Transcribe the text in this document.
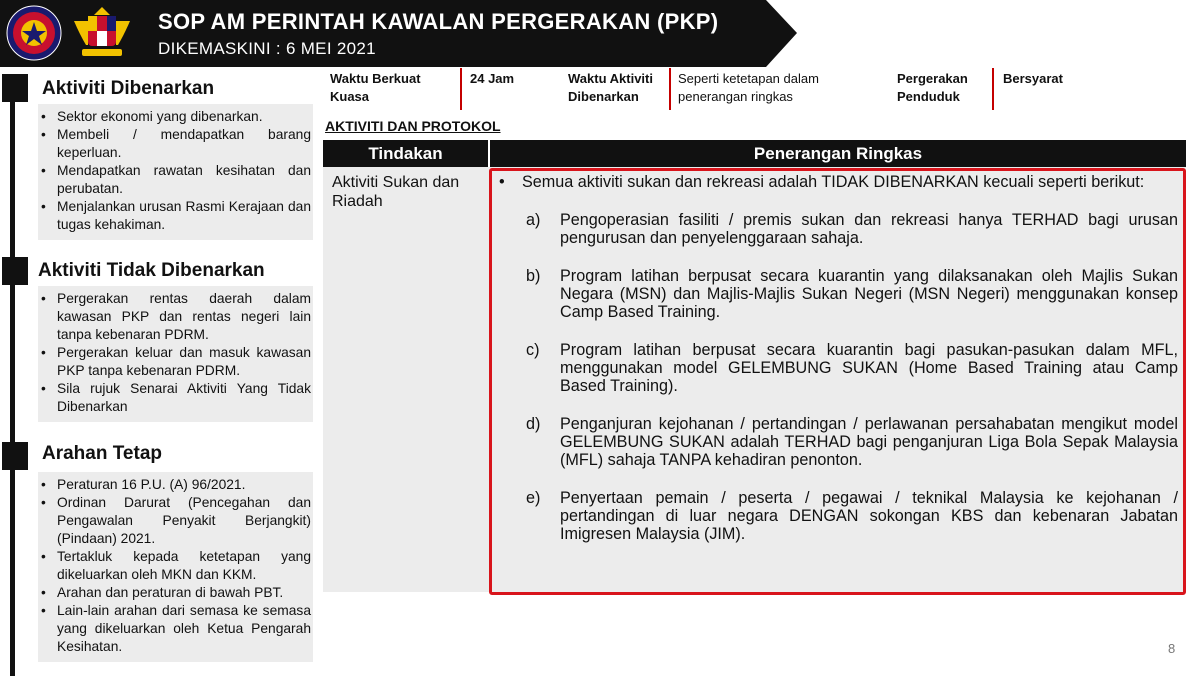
SOP AM PERINTAH KAWALAN PERGERAKAN (PKP)
DIKEMASKINI : 6 MEI 2021
Aktiviti Dibenarkan
• Sektor ekonomi yang dibenarkan.
• Membeli / mendapatkan barang keperluan.
• Mendapatkan rawatan kesihatan dan perubatan.
• Menjalankan urusan Rasmi Kerajaan dan tugas kehakiman.
Aktiviti Tidak Dibenarkan
• Pergerakan rentas daerah dalam kawasan PKP dan rentas negeri lain tanpa kebenaran PDRM.
• Pergerakan keluar dan masuk kawasan PKP tanpa kebenaran PDRM.
• Sila rujuk Senarai Aktiviti Yang Tidak Dibenarkan
Arahan Tetap
• Peraturan 16 P.U. (A) 96/2021.
• Ordinan Darurat (Pencegahan dan Pengawalan Penyakit Berjangkit) (Pindaan) 2021.
• Tertakluk kepada ketetapan yang dikeluarkan oleh MKN dan KKM.
• Arahan dan peraturan di bawah PBT.
• Lain-lain arahan dari semasa ke semasa yang dikeluarkan oleh Ketua Pengarah Kesihatan.
Waktu Berkuat Kuasa
24 Jam	Waktu Aktiviti Dibenarkan
Seperti ketetapan dalam penerangan ringkas
Pergerakan Penduduk
Bersyarat
AKTIVITI DAN PROTOKOL
Tindakan	Penerangan Ringkas
Aktiviti Sukan dan Riadah
• Semua aktiviti sukan dan rekreasi adalah TIDAK DIBENARKAN kecuali seperti berikut:
a) Pengoperasian fasiliti / premis sukan dan rekreasi hanya TERHAD bagi urusan pengurusan dan penyelenggaraan sahaja.
b) Program latihan berpusat secara kuarantin yang dilaksanakan oleh Majlis Sukan Negara (MSN) dan Majlis-Majlis Sukan Negeri (MSN Negeri) menggunakan konsep Camp Based Training.
c) Program latihan berpusat secara kuarantin bagi pasukan-pasukan dalam MFL, menggunakan model GELEMBUNG SUKAN (Home Based Training atau Camp Based Training).
d) Penganjuran kejohanan / pertandingan / perlawanan persahabatan mengikut model GELEMBUNG SUKAN adalah TERHAD bagi penganjuran Liga Bola Sepak Malaysia (MFL) sahaja TANPA kehadiran penonton.
e) Penyertaan pemain / peserta / pegawai / teknikal Malaysia ke kejohanan / pertandingan di luar negara DENGAN sokongan KBS dan kebenaran Jabatan Imigresen Malaysia (JIM).
8
